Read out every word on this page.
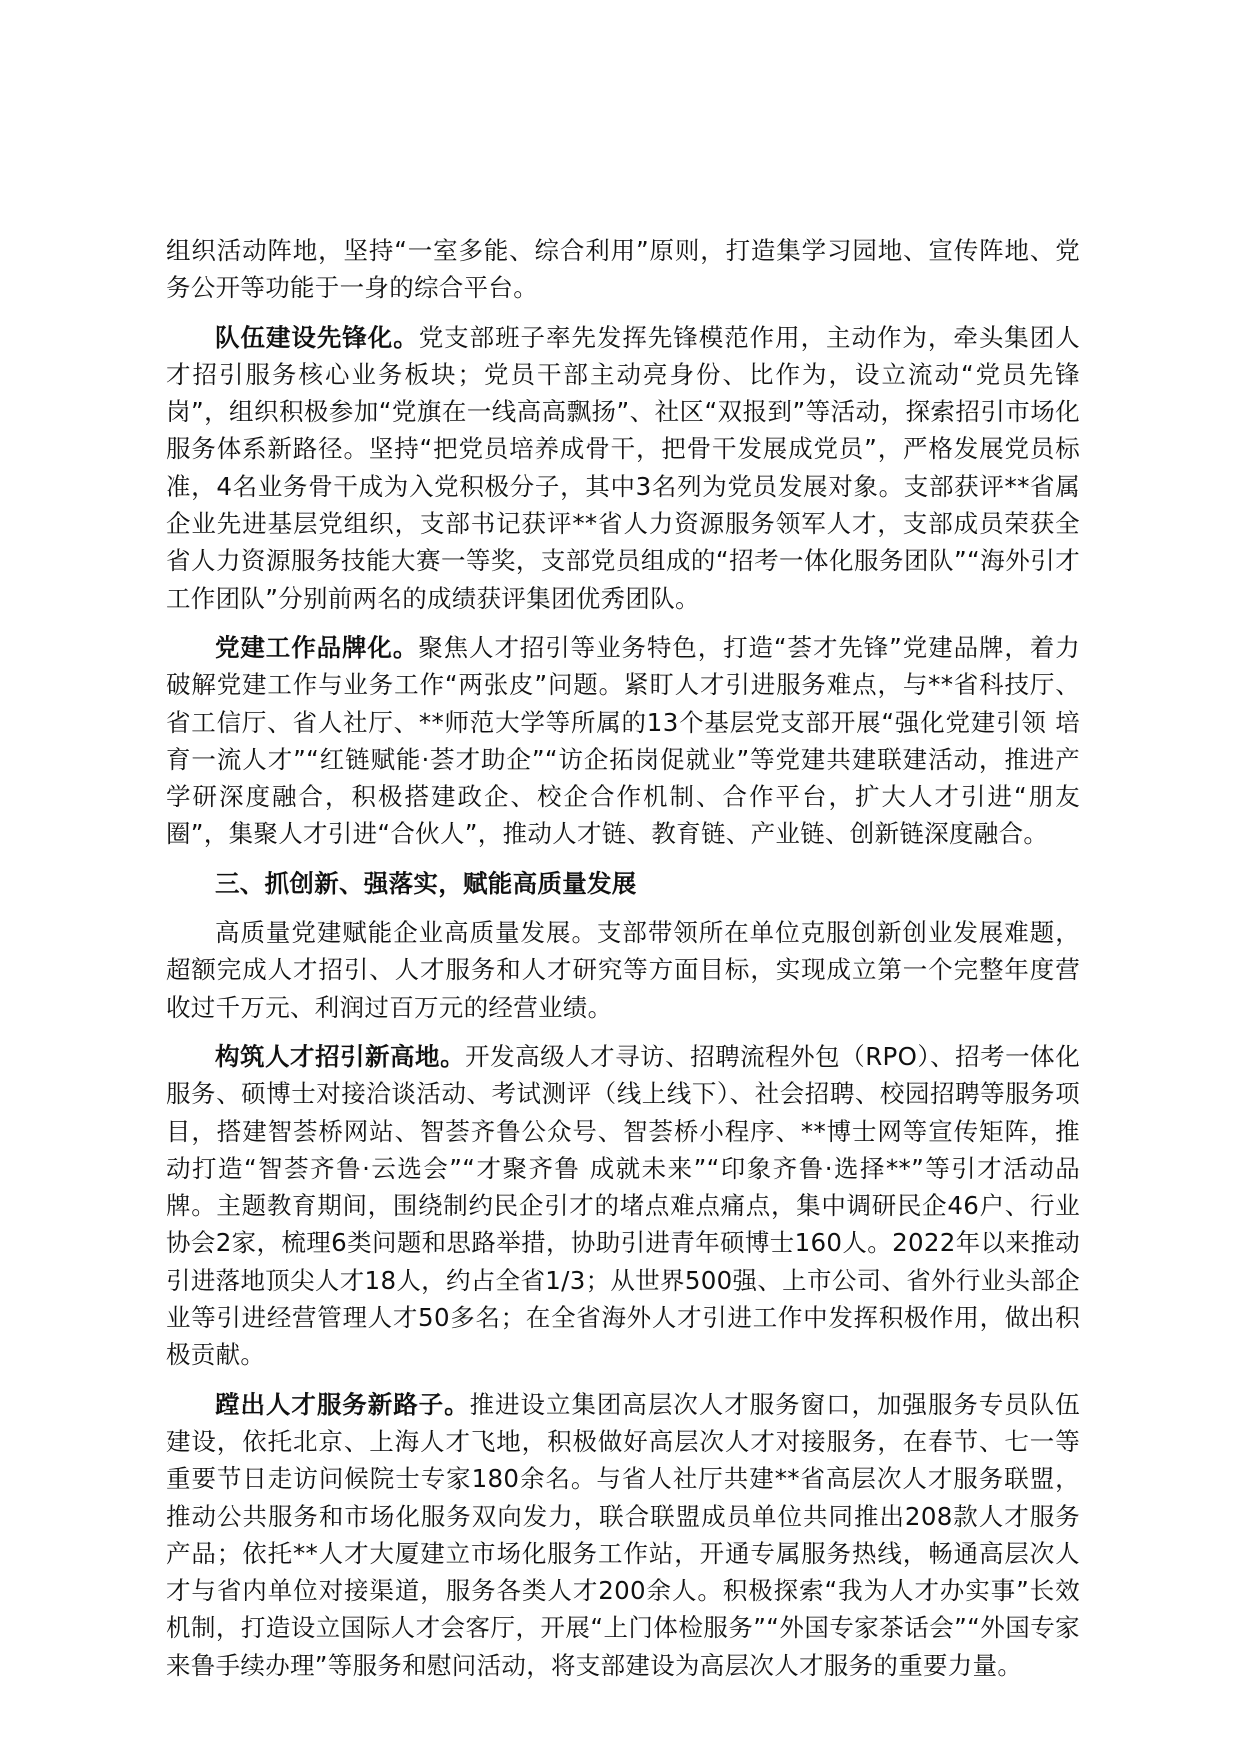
组织活动阵地，坚持“一室多能、综合利用”原则，打造集学习园地、宣传阵地、党务公开等功能于一身的综合平台。

队伍建设先锋化。党支部班子率先发挥先锋模范作用，主动作为，牵头集团人才招引服务核心业务板块；党员干部主动亮身份、比作为，设立流动“党员先锋岗”，组织积极参加“党旗在一线高高飘扬”、社区“双报到”等活动，探索招引市场化服务体系新路径。坚持“把党员培养成骨干，把骨干发展成党员”，严格发展党员标准，4名业务骨干成为入党积极分子，其中3名列为党员发展对象。支部获评**省属企业先进基层党组织，支部书记获评**省人力资源服务领军人才，支部成员荣获全省人力资源服务技能大赛一等奖，支部党员组成的“招考一体化服务团队”“海外引才工作团队”分别前两名的成绩获评集团优秀团队。

党建工作品牌化。聚焦人才招引等业务特色，打造“荟才先锋”党建品牌，着力破解党建工作与业务工作“两张皮”问题。紧盯人才引进服务难点，与**省科技厅、省工信厅、省人社厅、**师范大学等所属的13个基层党支部开展“强化党建引领 培育一流人才”“红链赋能·荟才助企”“访企拓岗促就业”等党建共建联建活动，推进产学研深度融合，积极搭建政企、校企合作机制、合作平台，扩大人才引进“朋友圈”，集聚人才引进“合伙人”，推动人才链、教育链、产业链、创新链深度融合。

三、抓创新、强落实，赋能高质量发展

高质量党建赋能企业高质量发展。支部带领所在单位克服创新创业发展难题，超额完成人才招引、人才服务和人才研究等方面目标，实现成立第一个完整年度营收过千万元、利润过百万元的经营业绩。

构筑人才招引新高地。开发高级人才寻访、招聘流程外包（RPO）、招考一体化服务、硕博士对接洽谈活动、考试测评（线上线下）、社会招聘、校园招聘等服务项目，搭建智荟桥网站、智荟齐鲁公众号、智荟桥小程序、**博士网等宣传矩阵，推动打造“智荟齐鲁·云选会”“才聚齐鲁 成就未来”“印象齐鲁·选择**”等引才活动品牌。主题教育期间，围绕制约民企引才的堵点难点痛点，集中调研民企46户、行业协会2家，梳理6类问题和思路举措，协助引进青年硕博士160人。2022年以来推动引进落地顶尖人才18人，约占全省1/3；从世界500强、上市公司、省外行业头部企业等引进经营管理人才50多名；在全省海外人才引进工作中发挥积极作用，做出积极贡献。

蹚出人才服务新路子。推进设立集团高层次人才服务窗口，加强服务专员队伍建设，依托北京、上海人才飞地，积极做好高层次人才对接服务，在春节、七一等重要节日走访问候院士专家180余名。与省人社厅共建**省高层次人才服务联盟，推动公共服务和市场化服务双向发力，联合联盟成员单位共同推出208款人才服务产品；依托**人才大厦建立市场化服务工作站，开通专属服务热线，畅通高层次人才与省内单位对接渠道，服务各类人才200余人。积极探索“我为人才办实事”长效机制，打造设立国际人才会客厅，开展“上门体检服务”“外国专家茶话会”“外国专家来鲁手续办理”等服务和慰问活动，将支部建设为高层次人才服务的重要力量。
